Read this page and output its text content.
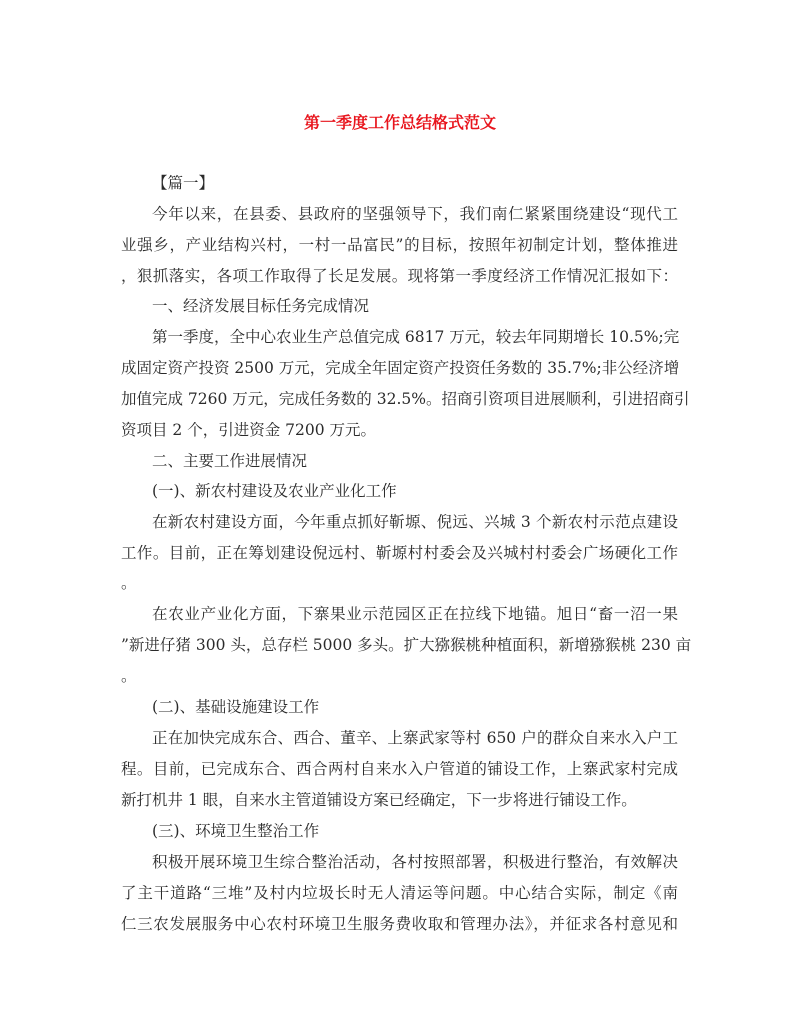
第一季度工作总结格式范文
【篇一】
今年以来，在县委、县政府的坚强领导下，我们南仁紧紧围绕建设“现代工
业强乡，产业结构兴村，一村一品富民”的目标，按照年初制定计划，整体推进
，狠抓落实，各项工作取得了长足发展。现将第一季度经济工作情况汇报如下：
一、经济发展目标任务完成情况
第一季度，全中心农业生产总值完成 6817 万元，较去年同期增长 10.5%;完
成固定资产投资 2500 万元，完成全年固定资产投资任务数的 35.7%;非公经济增
加值完成 7260 万元，完成任务数的 32.5%。招商引资项目进展顺利，引进招商引
资项目 2 个，引进资金 7200 万元。
二、主要工作进展情况
(一)、新农村建设及农业产业化工作
在新农村建设方面，今年重点抓好靳塬、倪远、兴城 3 个新农村示范点建设
工作。目前，正在筹划建设倪远村、靳塬村村委会及兴城村村委会广场硬化工作
。
在农业产业化方面，下寨果业示范园区正在拉线下地锚。旭日“畜一沼一果
”新进仔猪 300 头，总存栏 5000 多头。扩大猕猴桃种植面积，新增猕猴桃 230 亩
。
(二)、基础设施建设工作
正在加快完成东合、西合、董辛、上寨武家等村 650 户的群众自来水入户工
程。目前，已完成东合、西合两村自来水入户管道的铺设工作，上寨武家村完成
新打机井 1 眼，自来水主管道铺设方案已经确定，下一步将进行铺设工作。
(三)、环境卫生整治工作
积极开展环境卫生综合整治活动，各村按照部署，积极进行整治，有效解决
了主干道路“三堆”及村内垃圾长时无人清运等问题。中心结合实际，制定《南
仁三农发展服务中心农村环境卫生服务费收取和管理办法》，并征求各村意见和
